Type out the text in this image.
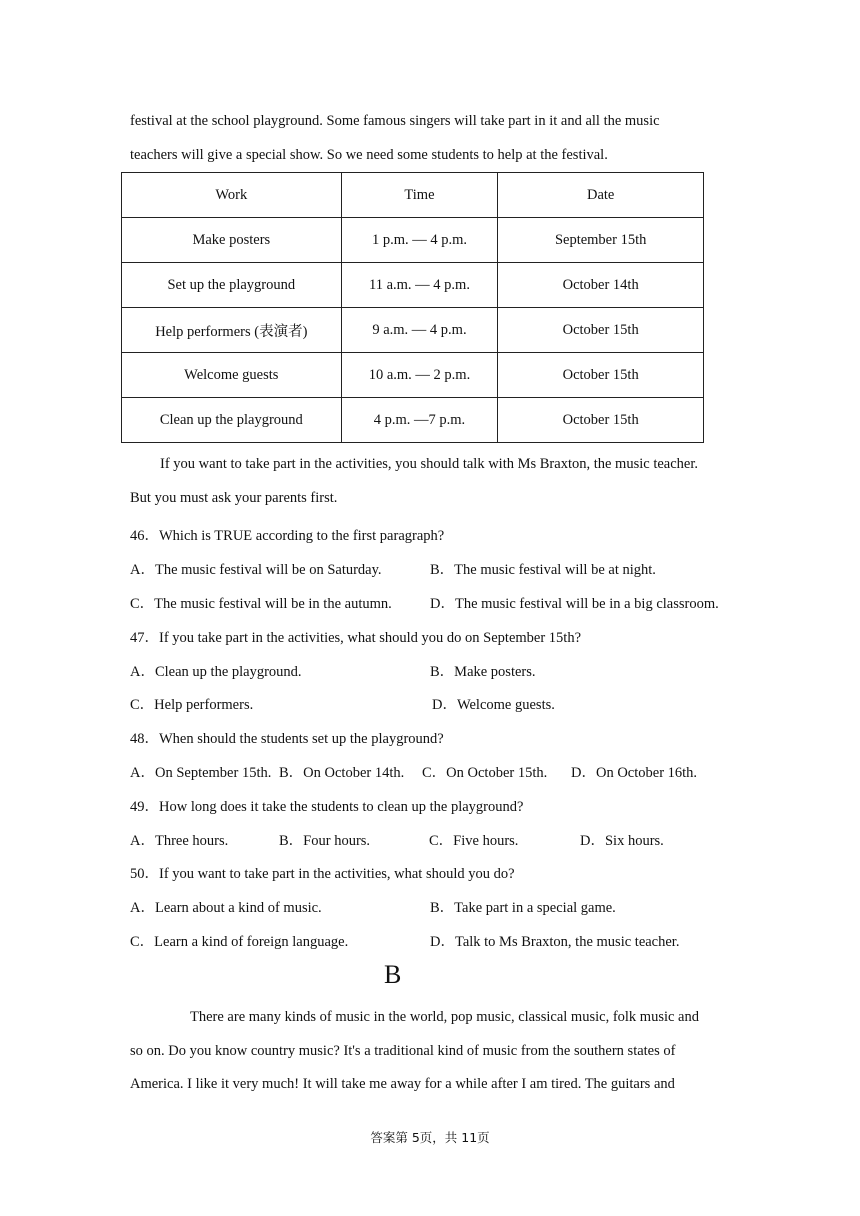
festival at the school playground. Some famous singers will take part in it and all the music
teachers will give a special show. So we need some students to help at the festival.
Work	Time	Date
Make posters	1 p.m. — 4 p.m.	September 15th
Set up the playground	11 a.m. — 4 p.m.	October 14th
Help performers (表演者)	9 a.m. — 4 p.m.	October 15th
Welcome guests	10 a.m. — 2 p.m.	October 15th
Clean up the playground	4 p.m. —7 p.m.	October 15th
If you want to take part in the activities, you should talk with Ms Braxton, the music teacher.
But you must ask your parents first.
46．Which is TRUE according to the first paragraph?
A．The music festival will be on Saturday.	B．The music festival will be at night.
C．The music festival will be in the autumn.	D．The music festival will be in a big classroom.
47．If you take part in the activities, what should you do on September 15th?
A．Clean up the playground.	B．Make posters.
C．Help performers.	D．Welcome guests.
48．When should the students set up the playground?
A．On September 15th. B．On October 14th. C．On October 15th. D．On October 16th.
49．How long does it take the students to clean up the playground?
A．Three hours.	B．Four hours.	C．Five hours.	D．Six hours.
50．If you want to take part in the activities, what should you do?
A．Learn about a kind of music.	B．Take part in a special game.
C．Learn a kind of foreign language.	D．Talk to Ms Braxton, the music teacher.
B
There are many kinds of music in the world, pop music, classical music, folk music and
so on. Do you know country music? It's a traditional kind of music from the southern states of
America. I like it very much! It will take me away for a while after I am tired. The guitars and
答案第 5页，共 11页
